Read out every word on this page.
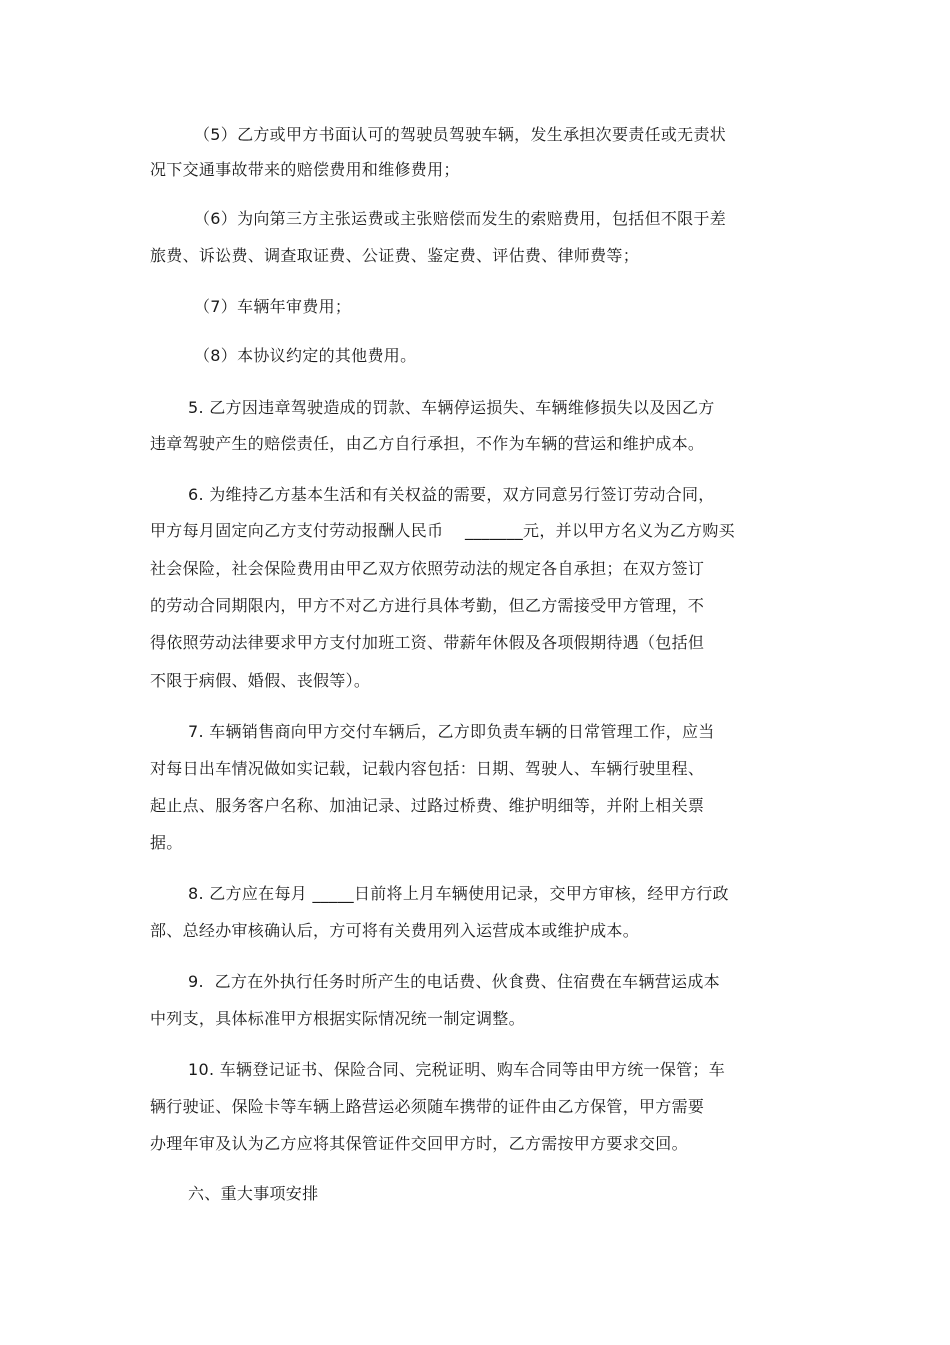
（5）乙方或甲方书面认可的驾驶员驾驶车辆，发生承担次要责任或无责状
况下交通事故带来的赔偿费用和维修费用；
（6）为向第三方主张运费或主张赔偿而发生的索赔费用，包括但不限于差
旅费、诉讼费、调查取证费、公证费、鉴定费、评估费、律师费等；
（7）车辆年审费用；
（8）本协议约定的其他费用。
5. 乙方因违章驾驶造成的罚款、车辆停运损失、车辆维修损失以及因乙方
违章驾驶产生的赔偿责任，由乙方自行承担，不作为车辆的营运和维护成本。
6. 为维持乙方基本生活和有关权益的需要，双方同意另行签订劳动合同，
甲方每月固定向乙方支付劳动报酬人民币    _______元，并以甲方名义为乙方购买
社会保险，社会保险费用由甲乙双方依照劳动法的规定各自承担；在双方签订
的劳动合同期限内，甲方不对乙方进行具体考勤，但乙方需接受甲方管理，不
得依照劳动法律要求甲方支付加班工资、带薪年休假及各项假期待遇（包括但
不限于病假、婚假、丧假等）。
7. 车辆销售商向甲方交付车辆后，乙方即负责车辆的日常管理工作，应当
对每日出车情况做如实记载，记载内容包括：日期、驾驶人、车辆行驶里程、
起止点、服务客户名称、加油记录、过路过桥费、维护明细等，并附上相关票
据。
8. 乙方应在每月 _____日前将上月车辆使用记录，交甲方审核，经甲方行政
部、总经办审核确认后，方可将有关费用列入运营成本或维护成本。
9.  乙方在外执行任务时所产生的电话费、伙食费、住宿费在车辆营运成本
中列支，具体标准甲方根据实际情况统一制定调整。
10. 车辆登记证书、保险合同、完税证明、购车合同等由甲方统一保管；车
辆行驶证、保险卡等车辆上路营运必须随车携带的证件由乙方保管，甲方需要
办理年审及认为乙方应将其保管证件交回甲方时，乙方需按甲方要求交回。
六、重大事项安排
